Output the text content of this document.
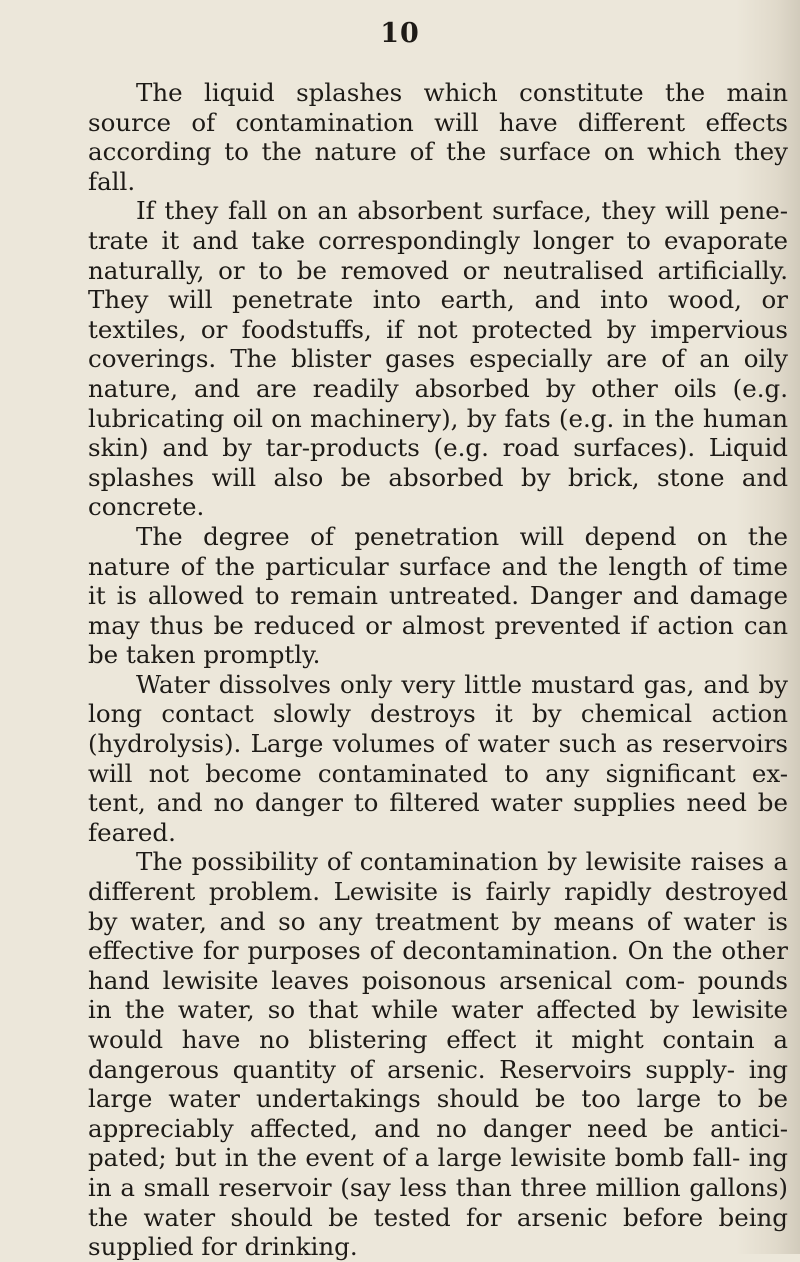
10

The liquid splashes which constitute the main source of contamination will have different effects according to the nature of the surface on which they fall.

If they fall on an absorbent surface, they will pene- trate it and take correspondingly longer to evaporate naturally, or to be removed or neutralised artificially. They will penetrate into earth, and into wood, or textiles, or foodstuffs, if not protected by impervious coverings. The blister gases especially are of an oily nature, and are readily absorbed by other oils (e.g. lubricating oil on machinery), by fats (e.g. in the human skin) and by tar-products (e.g. road surfaces). Liquid splashes will also be absorbed by brick, stone and concrete.

The degree of penetration will depend on the nature of the particular surface and the length of time it is allowed to remain untreated. Danger and damage may thus be reduced or almost prevented if action can be taken promptly.

Water dissolves only very little mustard gas, and by long contact slowly destroys it by chemical action (hydrolysis). Large volumes of water such as reservoirs will not become contaminated to any significant ex- tent, and no danger to filtered water supplies need be feared.

The possibility of contamination by lewisite raises a different problem. Lewisite is fairly rapidly destroyed by water, and so any treatment by means of water is effective for purposes of decontamination. On the other hand lewisite leaves poisonous arsenical com- pounds in the water, so that while water affected by lewisite would have no blistering effect it might contain a dangerous quantity of arsenic. Reservoirs supply- ing large water undertakings should be too large to be appreciably affected, and no danger need be antici- pated; but in the event of a large lewisite bomb fall- ing in a small reservoir (say less than three million gallons) the water should be tested for arsenic before being supplied for drinking.
